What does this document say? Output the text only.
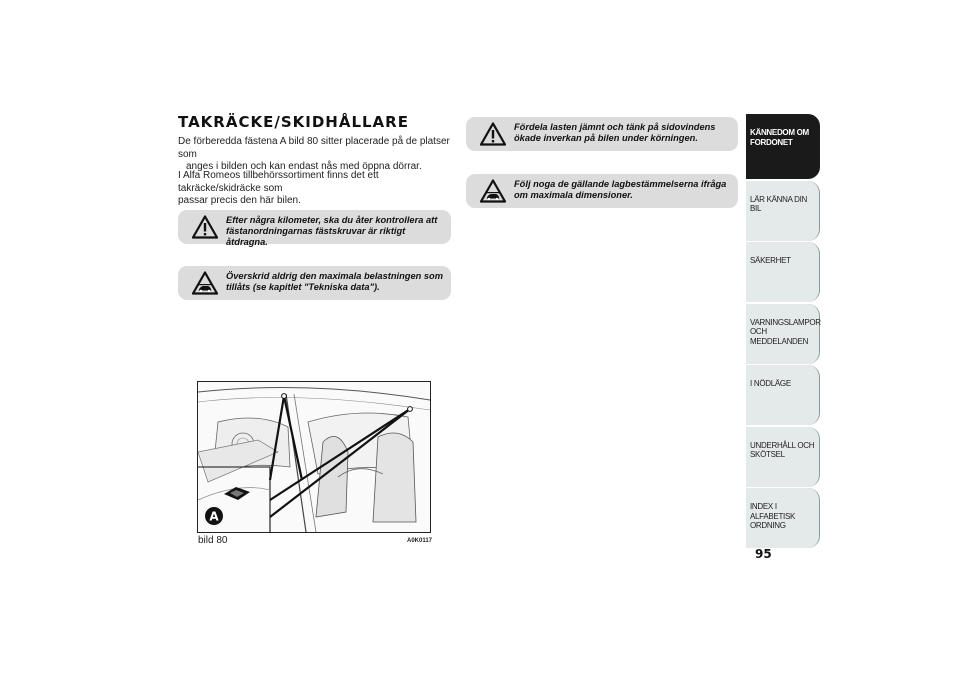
TAKRÄCKE/SKIDHÅLLARE
De förberedda fästena A bild 80 sitter placerade på de platser som
anges i bilden och kan endast nås med öppna dörrar.
I Alfa Romeos tillbehörssortiment finns det ett takräcke/skidräcke som
passar precis den här bilen.
Efter några kilometer, ska du åter kontrollera att fästanordningarnas fästskruvar är riktigt åtdragna.
Överskrid aldrig den maximala belastningen som tillåts (se kapitlet "Tekniska data").
Fördela lasten jämnt och tänk på sidovindens ökade inverkan på bilen under körningen.
Följ noga de gällande lagbestämmelserna ifråga om maximala dimensioner.
A
bild 80	A0K0117
KÄNNEDOM OM FORDONET
LÄR KÄNNA DIN BIL
SÄKERHET
VARNINGSLAMPOR OCH MEDDELANDEN
I NÖDLÄGE
UNDERHÅLL OCH SKÖTSEL
INDEX I ALFABETISK ORDNING
95
